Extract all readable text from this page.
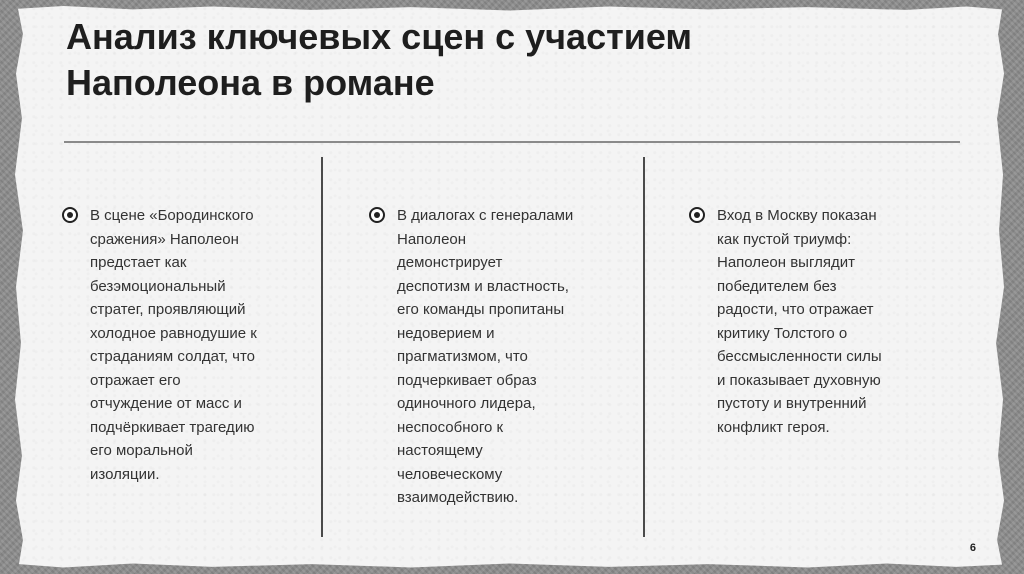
Анализ ключевых сцен с участием
Наполеона в романе

В сцене «Бородинского
сражения» Наполеон
предстает как
безэмоциональный
стратег, проявляющий
холодное равнодушие к
страданиям солдат, что
отражает его
отчуждение от масс и
подчёркивает трагедию
его моральной
изоляции.

В диалогах с генералами
Наполеон
демонстрирует
деспотизм и властность,
его команды пропитаны
недоверием и
прагматизмом, что
подчеркивает образ
одиночного лидера,
неспособного к
настоящему
человеческому
взаимодействию.

Вход в Москву показан
как пустой триумф:
Наполеон выглядит
победителем без
радости, что отражает
критику Толстого о
бессмысленности силы
и показывает духовную
пустоту и внутренний
конфликт героя.

6
